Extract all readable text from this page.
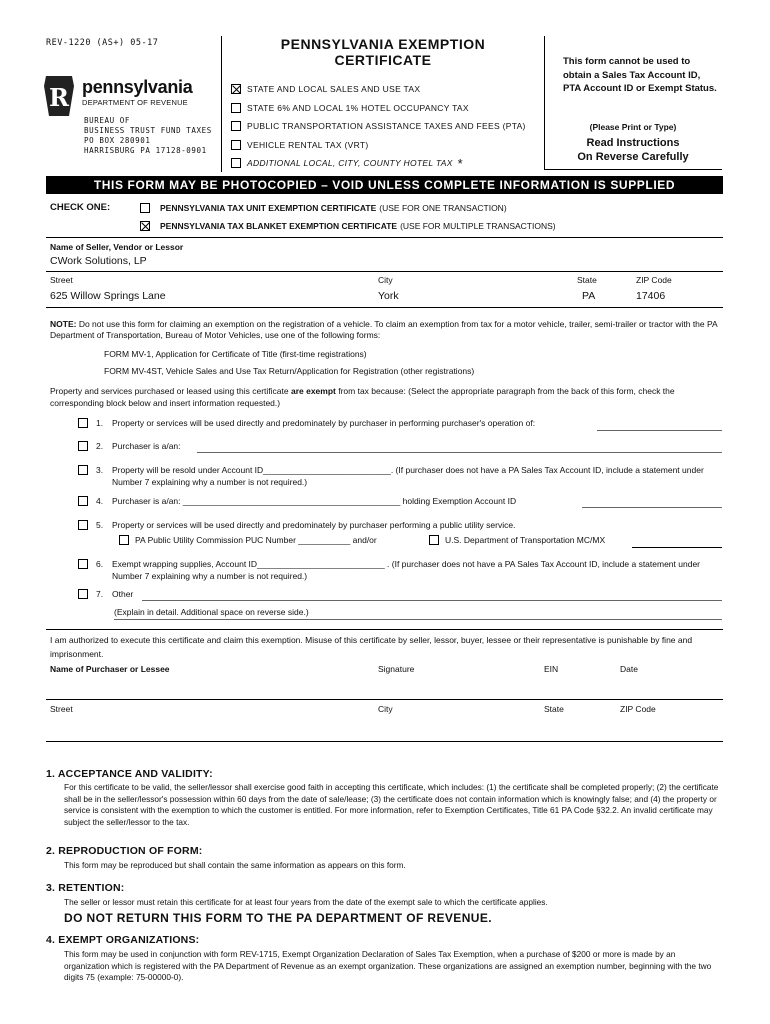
REV-1220 (AS+) 05-17
R pennsylvania
DEPARTMENT OF REVENUE
BUREAU OF
BUSINESS TRUST FUND TAXES
PO BOX 280901
HARRISBURG PA 17128-0901
PENNSYLVANIA EXEMPTION
CERTIFICATE
STATE AND LOCAL SALES AND USE TAX
STATE 6% AND LOCAL 1% HOTEL OCCUPANCY TAX
PUBLIC TRANSPORTATION ASSISTANCE TAXES AND FEES (PTA)
VEHICLE RENTAL TAX (VRT)
ADDITIONAL LOCAL, CITY, COUNTY HOTEL TAX *
This form cannot be used to obtain a Sales Tax Account ID, PTA Account ID or Exempt Status.
(Please Print or Type)
Read Instructions
On Reverse Carefully
THIS FORM MAY BE PHOTOCOPIED – VOID UNLESS COMPLETE INFORMATION IS SUPPLIED
CHECK ONE:	PENNSYLVANIA TAX UNIT EXEMPTION CERTIFICATE (USE FOR ONE TRANSACTION)
PENNSYLVANIA TAX BLANKET EXEMPTION CERTIFICATE (USE FOR MULTIPLE TRANSACTIONS)
Name of Seller, Vendor or Lessor
CWork Solutions, LP
Street	City	State	ZIP Code
625 Willow Springs Lane	York	PA	17406
NOTE: Do not use this form for claiming an exemption on the registration of a vehicle. To claim an exemption from tax for a motor vehicle, trailer, semi-trailer or tractor with the PA Department of Transportation, Bureau of Motor Vehicles, use one of the following forms:
FORM MV-1, Application for Certificate of Title (first-time registrations)
FORM MV-4ST, Vehicle Sales and Use Tax Return/Application for Registration (other registrations)
Property and services purchased or leased using this certificate are exempt from tax because: (Select the appropriate paragraph from the back of this form, check the corresponding block below and insert information requested.)
1.	Property or services will be used directly and predominately by purchaser in performing purchaser's operation of:
2.	Purchaser is a/an:
3.	Property will be resold under Account ID___________________________. (If purchaser does not have a PA Sales Tax Account ID, include a statement under Number 7 explaining why a number is not required.)
4.	Purchaser is a/an: ______________________________________________ holding Exemption Account ID
5.	Property or services will be used directly and predominately by purchaser performing a public utility service.
PA Public Utility Commission PUC Number ___________ and/or	U.S. Department of Transportation MC/MX
6.	Exempt wrapping supplies, Account ID___________________________ . (If purchaser does not have a PA Sales Tax Account ID, include a statement under Number 7 explaining why a number is not required.)
7.	Other
(Explain in detail. Additional space on reverse side.)
I am authorized to execute this certificate and claim this exemption. Misuse of this certificate by seller, lessor, buyer, lessee or their representative is punishable by fine and imprisonment.
Name of Purchaser or Lessee	Signature	EIN	Date
Street	City	State	ZIP Code
1. ACCEPTANCE AND VALIDITY:
For this certificate to be valid, the seller/lessor shall exercise good faith in accepting this certificate, which includes: (1) the certificate shall be completed properly; (2) the certificate shall be in the seller/lessor's possession within 60 days from the date of sale/lease; (3) the certificate does not contain information which is knowingly false; and (4) the property or service is consistent with the exemption to which the customer is entitled. For more information, refer to Exemption Certificates, Title 61 PA Code §32.2. An invalid certificate may subject the seller/lessor to the tax.
2. REPRODUCTION OF FORM:
This form may be reproduced but shall contain the same information as appears on this form.
3. RETENTION:
The seller or lessor must retain this certificate for at least four years from the date of the exempt sale to which the certificate applies.
DO NOT RETURN THIS FORM TO THE PA DEPARTMENT OF REVENUE.
4. EXEMPT ORGANIZATIONS:
This form may be used in conjunction with form REV-1715, Exempt Organization Declaration of Sales Tax Exemption, when a purchase of $200 or more is made by an organization which is registered with the PA Department of Revenue as an exempt organization. These organizations are assigned an exemption number, beginning with the two digits 75 (example: 75-00000-0).
